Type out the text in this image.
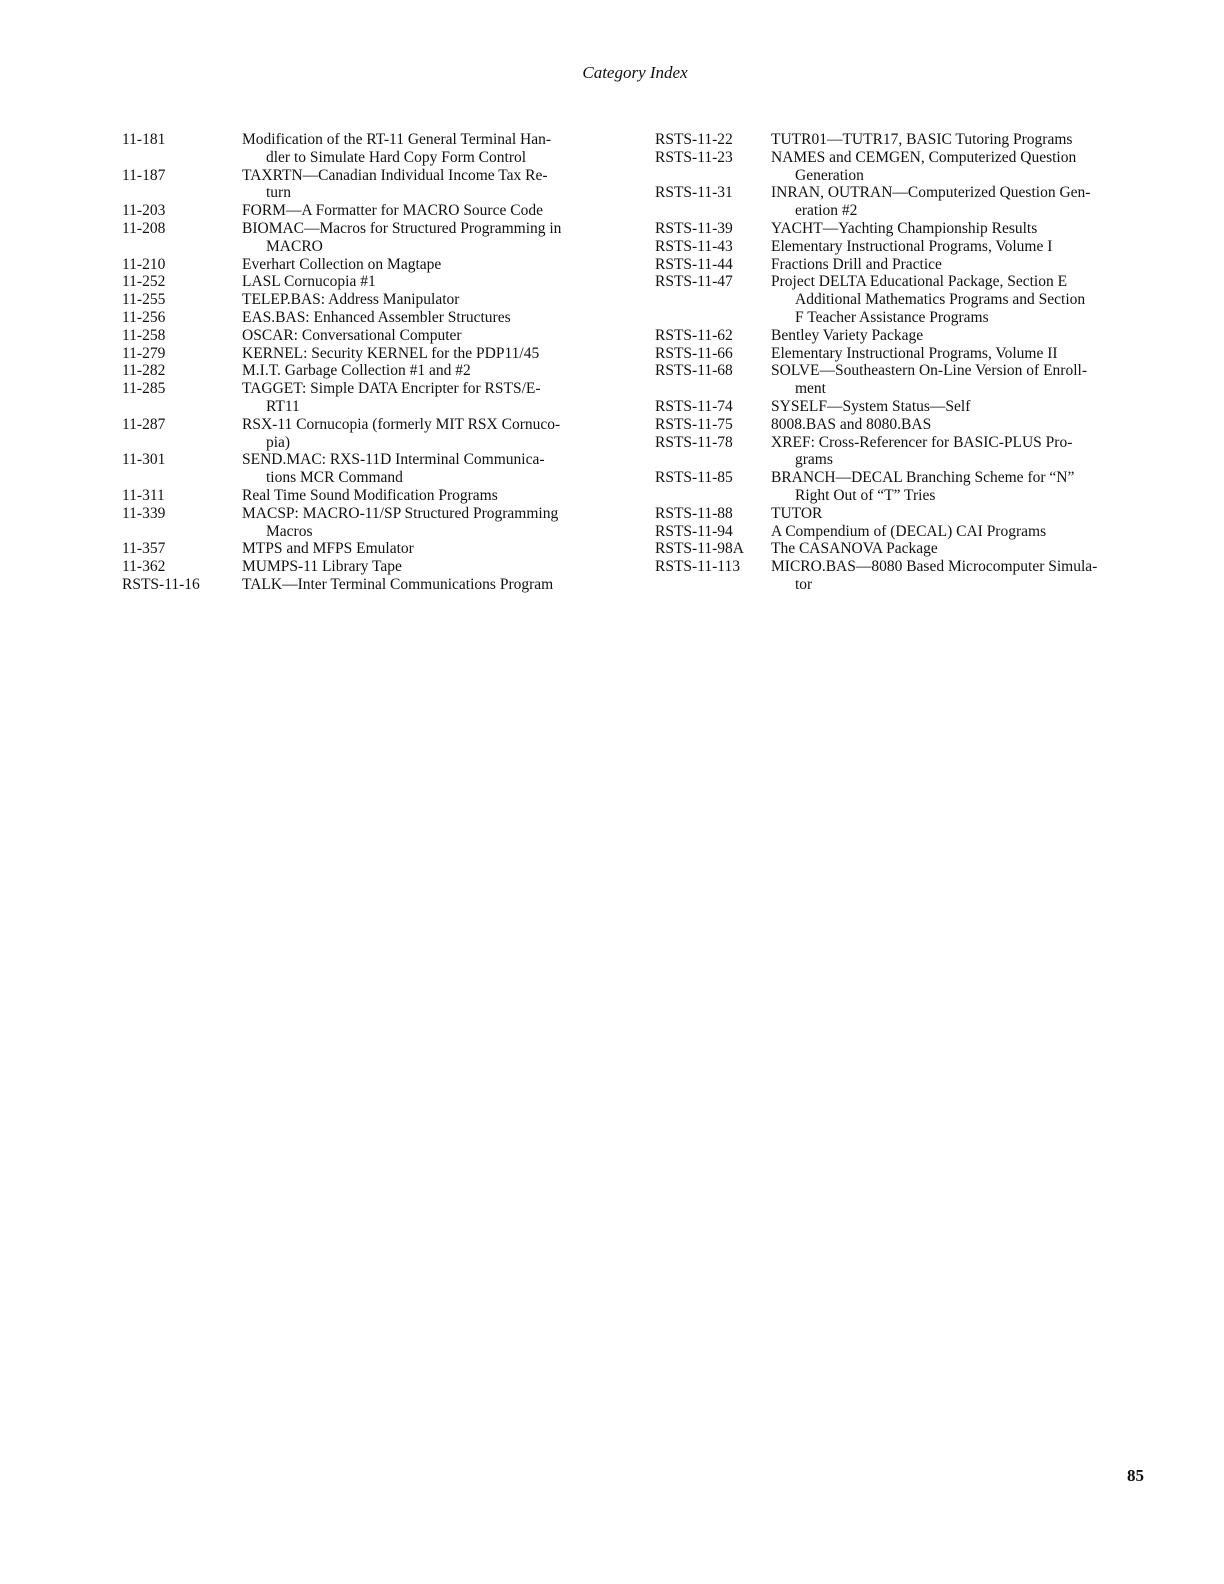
Category Index
11-181	Modification of the RT-11 General Terminal Han-
dler to Simulate Hard Copy Form Control
11-187	TAXRTN—Canadian Individual Income Tax Re-
turn
11-203	FORM—A Formatter for MACRO Source Code
11-208	BIOMAC—Macros for Structured Programming in
MACRO
11-210	Everhart Collection on Magtape
11-252	LASL Cornucopia #1
11-255	TELEP.BAS: Address Manipulator
11-256	EAS.BAS: Enhanced Assembler Structures
11-258	OSCAR: Conversational Computer
11-279	KERNEL: Security KERNEL for the PDP11/45
11-282	M.I.T. Garbage Collection #1 and #2
11-285	TAGGET: Simple DATA Encripter for RSTS/E-
RT11
11-287	RSX-11 Cornucopia (formerly MIT RSX Cornuco-
pia)
11-301	SEND.MAC: RXS-11D Interminal Communica-
tions MCR Command
11-311	Real Time Sound Modification Programs
11-339	MACSP: MACRO-11/SP Structured Programming
Macros
11-357	MTPS and MFPS Emulator
11-362	MUMPS-11 Library Tape
RSTS-11-16	TALK—Inter Terminal Communications Program
RSTS-11-22	TUTR01—TUTR17, BASIC Tutoring Programs
RSTS-11-23	NAMES and CEMGEN, Computerized Question
Generation
RSTS-11-31	INRAN, OUTRAN—Computerized Question Gen-
eration #2
RSTS-11-39	YACHT—Yachting Championship Results
RSTS-11-43	Elementary Instructional Programs, Volume I
RSTS-11-44	Fractions Drill and Practice
RSTS-11-47	Project DELTA Educational Package, Section E
Additional Mathematics Programs and Section
F Teacher Assistance Programs
RSTS-11-62	Bentley Variety Package
RSTS-11-66	Elementary Instructional Programs, Volume II
RSTS-11-68	SOLVE—Southeastern On-Line Version of Enroll-
ment
RSTS-11-74	SYSELF—System Status—Self
RSTS-11-75	8008.BAS and 8080.BAS
RSTS-11-78	XREF: Cross-Referencer for BASIC-PLUS Pro-
grams
RSTS-11-85	BRANCH—DECAL Branching Scheme for “N”
Right Out of “T” Tries
RSTS-11-88	TUTOR
RSTS-11-94	A Compendium of (DECAL) CAI Programs
RSTS-11-98A	The CASANOVA Package
RSTS-11-113	MICRO.BAS—8080 Based Microcomputer Simula-
tor
85
